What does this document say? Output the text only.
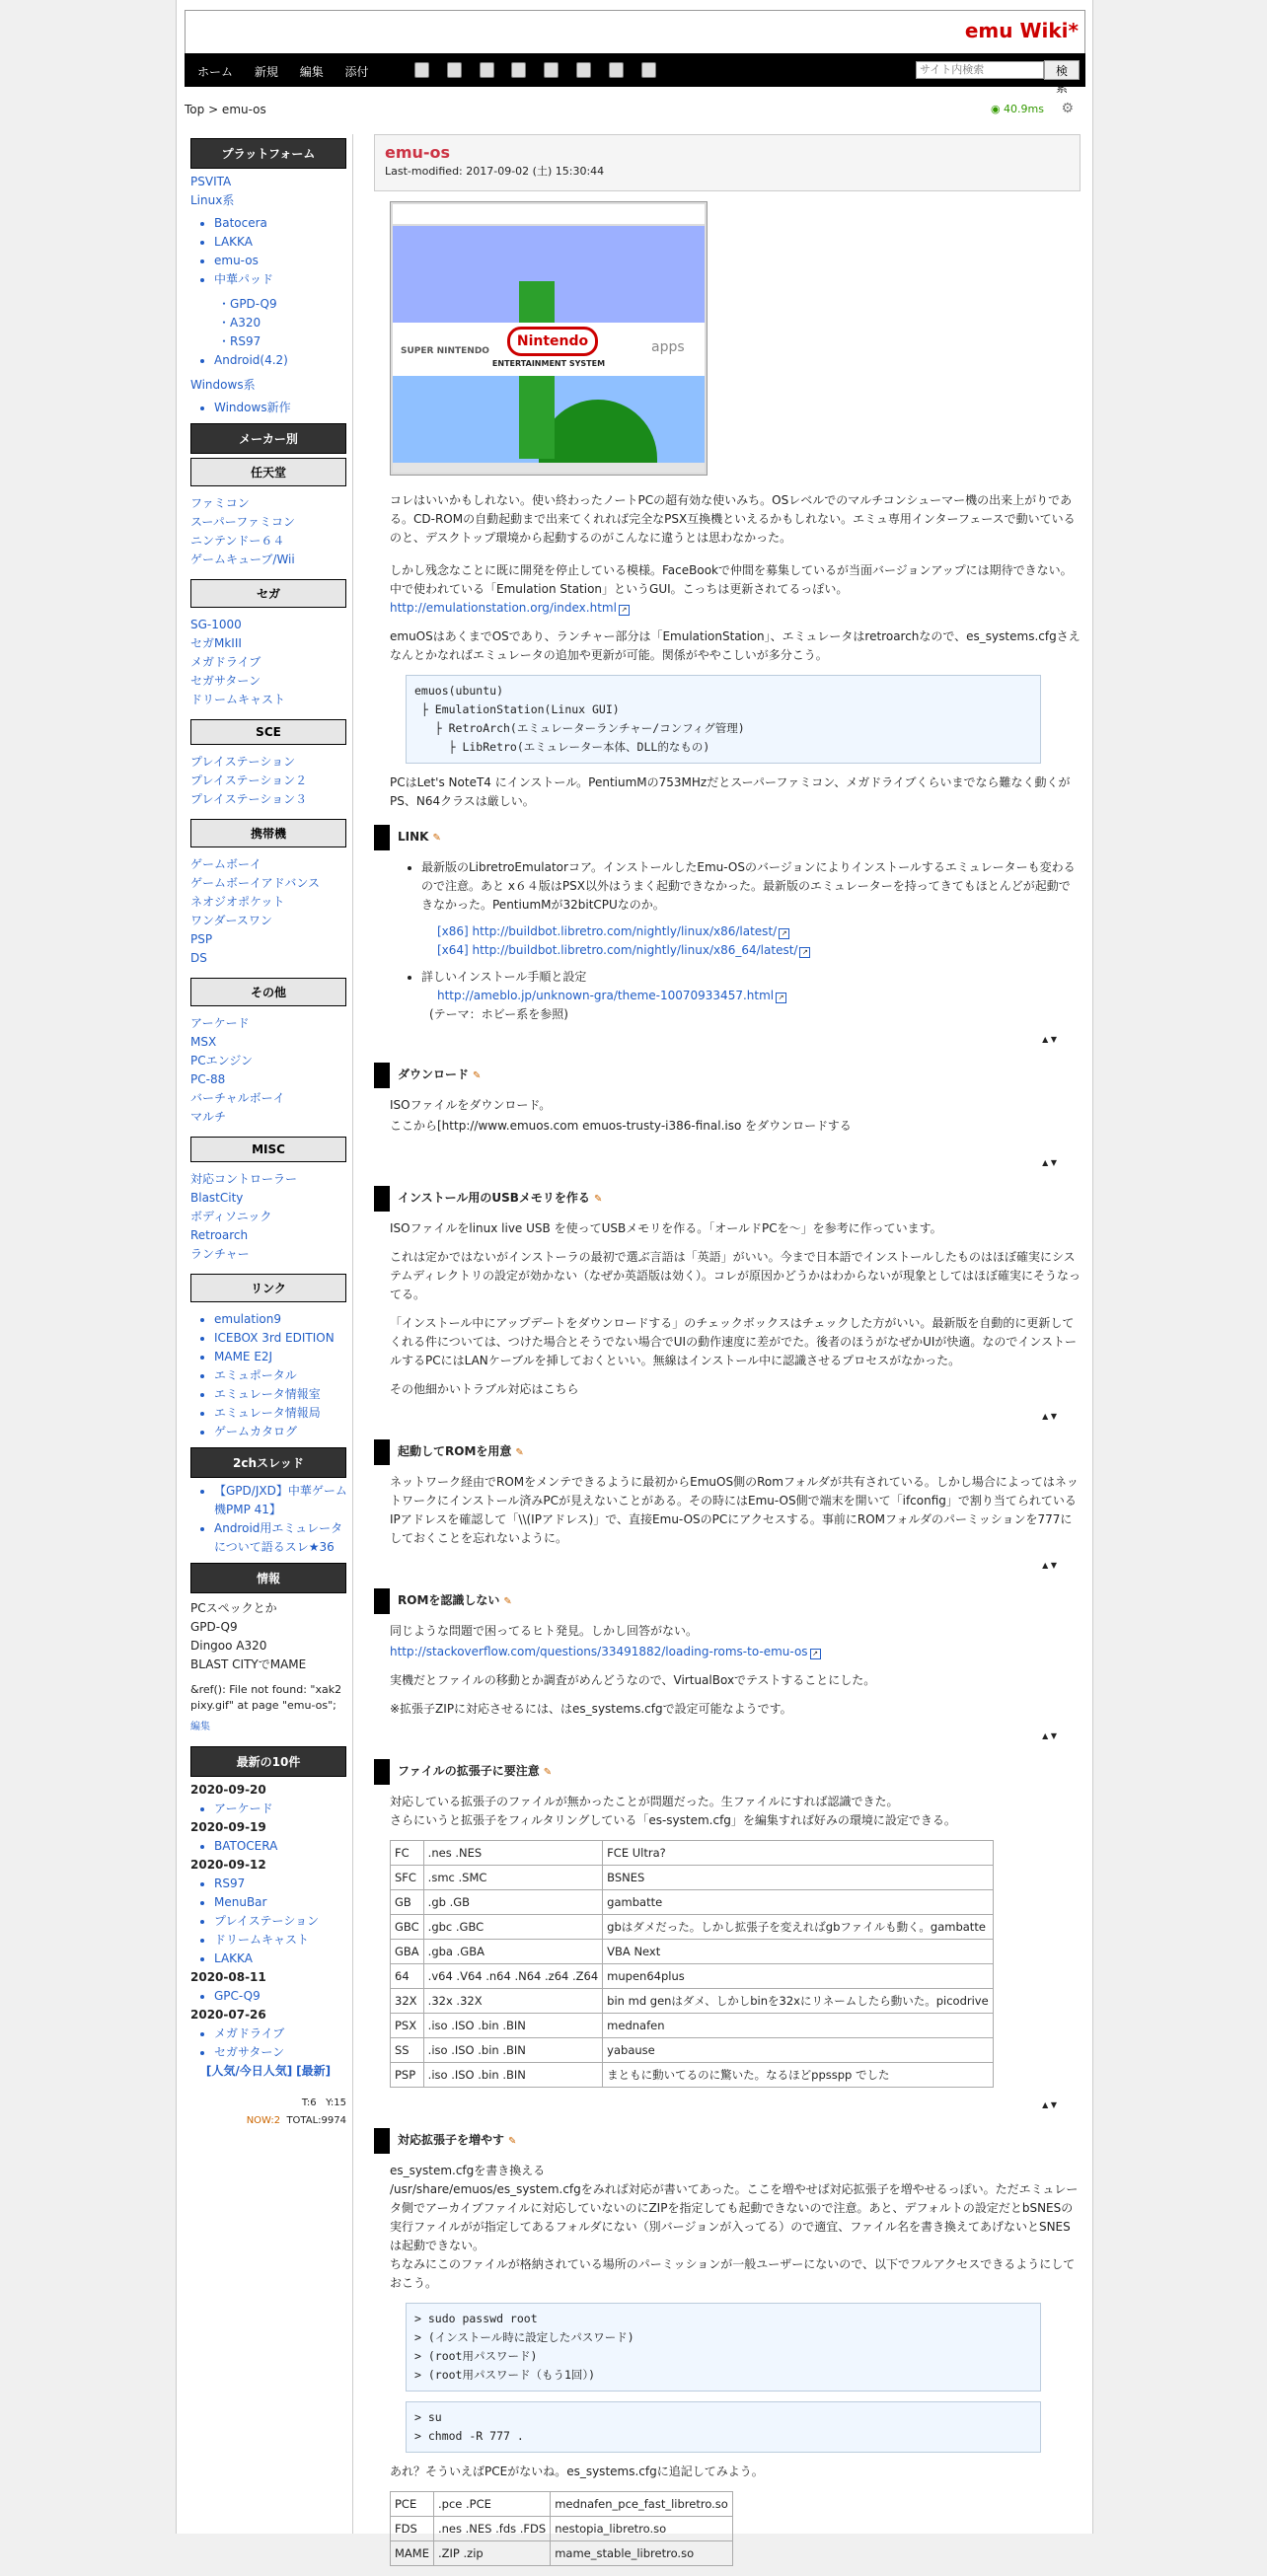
emu Wiki*
ホーム 新規 編集 添付

サイト内検索	検索
Top > emu-os	◉ 40.9ms ⚙
プラットフォーム
PSVITA
Linux系
• Batocera
• LAKKA
• emu-os
• 中華パッド
・GPD-Q9
・A320
・RS97
• Android(4.2)
Windows系
• Windows新作
メーカー別
任天堂
ファミコン
スーパーファミコン
ニンテンドー６４
ゲームキューブ/Wii
セガ
SG-1000
セガMkIII
メガドライブ
セガサターン
ドリームキャスト
SCE
プレイステーション
プレイステーション２
プレイステーション３
携帯機
ゲームボーイ
ゲームボーイアドバンス
ネオジオポケット
ワンダースワン
PSP
DS
その他
アーケード
MSX
PCエンジン
PC-88
バーチャルボーイ
マルチ
MISC
対応コントローラー
BlastCity
ボディソニック
Retroarch
ランチャー
リンク
• emulation9
• ICEBOX 3rd EDITION
• MAME E2J
• エミュポータル
• エミュレータ情報室
• エミュレータ情報局
• ゲームカタログ
2chスレッド
• 【GPD/JXD】中華ゲーム機PMP 41】
• Android用エミュレータについて語るスレ★36
情報
PCスペックとか
GPD-Q9
Dingoo A320
BLAST CITYでMAME
&ref(): File not found: "xak2pixy.gif" at page "emu-os";
編集
最新の10件
2020-09-20
• アーケード
2020-09-19
• BATOCERA
2020-09-12
• RS97
• MenuBar
• プレイステーション
• ドリームキャスト
• LAKKA
2020-08-11
• GPC-Q9
2020-07-26
• メガドライブ
• セガサターン
[人気/今日人気] [最新]
T:6 Y:15
NOW:2 TOTAL:9974
emu-os
Last-modified: 2017-09-02 (土) 15:30:44
SUPER NINTENDO
Nintendo
ENTERTAINMENT SYSTEM
apps

コレはいいかもしれない。使い終わったノートPCの超有効な使いみち。OSレベルでのマルチコンシューマー機の出来上がりである。CD-ROMの自動起動まで出来てくれれば完全なPSX互換機といえるかもしれない。エミュ専用インターフェースで動いているのと、デスクトップ環境から起動するのがこんなに違うとは思わなかった。

しかし残念なことに既に開発を停止している模様。FaceBookで仲間を募集しているが当面バージョンアップには期待できない。中で使われている「Emulation Station」というGUI。こっちは更新されてるっぽい。

http://emulationstation.org/index.html ↗

emuOSはあくまでOSであり、ランチャー部分は「EmulationStation」、エミュレータはretroarchなので、es_systems.cfgさえなんとかなればエミュレータの追加や更新が可能。関係がややこしいが多分こう。

emuos(ubuntu)
├ EmulationStation(Linux GUI)
├ RetroArch(エミュレーターランチャー/コンフィグ管理)
├ LibRetro(エミュレーター本体、DLL的なもの)

PCはLet's NoteT4 にインストール。PentiumMの753MHzだとスーパーファミコン、メガドライブくらいまでなら難なく動くがPS、N64クラスは厳しい。

LINK ✎
• 最新版のLibretroEmulatorコア。インストールしたEmu-OSのバージョンによりインストールするエミュレーターも変わるので注意。あと x６４版はPSX以外はうまく起動できなかった。最新版のエミュレーターを持ってきてもほとんどが起動できなかった。PentiumMが32bitCPUなのか。
[x86] http://buildbot.libretro.com/nightly/linux/x86/latest/ ↗
[x64] http://buildbot.libretro.com/nightly/linux/x86_64/latest/ ↗
• 詳しいインストール手順と設定
http://ameblo.jp/unknown-gra/theme-10070933457.html ↗
(テーマ：ホビー系を参照)
▲ ▼
ダウンロード ✎

ISOファイルをダウンロード。

ここから[http://www.emuos.com emuos-trusty-i386-final.iso をダウンロードする

▲ ▼
インストール用のUSBメモリを作る ✎

ISOファイルをlinux live USB を使ってUSBメモリを作る。「オールドPCを～」を参考に作っています。

これは定かではないがインストーラの最初で選ぶ言語は「英語」がいい。今まで日本語でインストールしたものはほぼ確実にシステムディレクトリの設定が効かない（なぜか英語版は効く）。コレが原因かどうかはわからないが現象としてはほぼ確実にそうなってる。

「インストール中にアップデートをダウンロードする」のチェックボックスはチェックした方がいい。最新版を自動的に更新してくれる件については、つけた場合とそうでない場合でUIの動作速度に差がでた。後者のほうがなぜかUIが快適。なのでインストールするPCにはLANケーブルを挿しておくといい。無線はインストール中に認識させるプロセスがなかった。

その他細かいトラブル対応はこちら

▲ ▼
起動してROMを用意 ✎

ネットワーク経由でROMをメンテできるように最初からEmuOS側のRomフォルダが共有されている。しかし場合によってはネットワークにインストール済みPCが見えないことがある。その時にはEmu-OS側で端末を開いて「ifconfig」で割り当てられているIPアドレスを確認して「\\(IPアドレス)」で、直接Emu-OSのPCにアクセスする。事前にROMフォルダのパーミッションを777にしておくことを忘れないように。

▲ ▼
ROMを認識しない ✎

同じような問題で困ってるヒト発見。しかし回答がない。

http://stackoverflow.com/questions/33491882/loading-roms-to-emu-os ↗

実機だとファイルの移動とか調査がめんどうなので、VirtualBoxでテストすることにした。

※拡張子ZIPに対応させるには、はes_systems.cfgで設定可能なようです。

▲ ▼
ファイルの拡張子に要注意 ✎

対応している拡張子のファイルが無かったことが問題だった。生ファイルにすれば認識できた。

さらにいうと拡張子をフィルタリングしている「es-system.cfg」を編集すれば好みの環境に設定できる。

FC	.nes .NES	FCE Ultra?
SFC	.smc .SMC	BSNES
GB	.gb .GB	gambatte
GBC	.gbc .GBC	gbはダメだった。しかし拡張子を変えればgbファイルも動く。gambatte
GBA	.gba .GBA	VBA Next
64	.v64 .V64 .n64 .N64 .z64 .Z64	mupen64plus
32X	.32x .32X	bin md genはダメ、しかしbinを32xにリネームしたら動いた。picodrive
PSX	.iso .ISO .bin .BIN	mednafen
SS	.iso .ISO .bin .BIN	yabause
PSP	.iso .ISO .bin .BIN	まともに動いてるのに驚いた。なるほどppsspp でした
▲ ▼
対応拡張子を増やす ✎

es_system.cfgを書き換える

/usr/share/emuos/es_system.cfgをみれば対応が書いてあった。ここを増やせば対応拡張子を増やせるっぽい。ただエミュレータ側でアーカイブファイルに対応していないのにZIPを指定しても起動できないので注意。あと、デフォルトの設定だとbSNESの実行ファイルがが指定してあるフォルダにない（別バージョンが入ってる）ので適宜、ファイル名を書き換えてあげないとSNESは起動できない。

ちなみにこのファイルが格納されている場所のパーミッションが一般ユーザーにないので、以下でフルアクセスできるようにしておこう。

> sudo passwd root
> (インストール時に設定したパスワード)
> (root用パスワード)
> (root用パスワード（もう1回）)
> su
> chmod -R 777 .

あれ？そういえばPCEがないね。es_systems.cfgに追記してみよう。

PCE	.pce .PCE	mednafen_pce_fast_libretro.so
FDS	.nes .NES .fds .FDS	nestopia_libretro.so
MAME	.ZIP .zip	mame_stable_libretro.so
